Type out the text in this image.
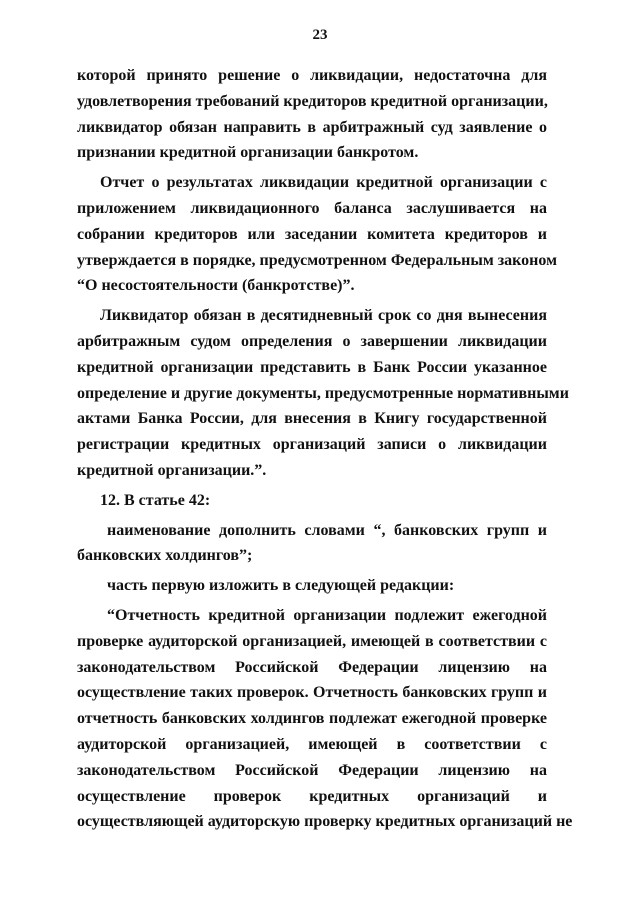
23
которой принято решение о ликвидации, недостаточна для
удовлетворения требований кредиторов кредитной организации,
ликвидатор обязан направить в арбитражный суд заявление о
признании кредитной организации банкротом.
Отчет о результатах ликвидации кредитной организации с
приложением ликвидационного баланса заслушивается на
собрании кредиторов или заседании комитета кредиторов и
утверждается в порядке, предусмотренном Федеральным законом
“О несостоятельности (банкротстве)”.
Ликвидатор обязан в десятидневный срок со дня вынесения
арбитражным судом определения о завершении ликвидации
кредитной организации представить в Банк России указанное
определение и другие документы, предусмотренные нормативными
актами Банка России, для внесения в Книгу государственной
регистрации кредитных организаций записи о ликвидации
кредитной организации.”.
12. В статье 42:
наименование дополнить словами “, банковских групп и
банковских холдингов”;
часть первую изложить в следующей редакции:
“Отчетность кредитной организации подлежит ежегодной
проверке аудиторской организацией, имеющей в соответствии с
законодательством Российской Федерации лицензию на
осуществление таких проверок. Отчетность банковских групп и
отчетность банковских холдингов подлежат ежегодной проверке
аудиторской организацией, имеющей в соответствии с
законодательством Российской Федерации лицензию на
осуществление проверок кредитных организаций и
осуществляющей аудиторскую проверку кредитных организаций не
